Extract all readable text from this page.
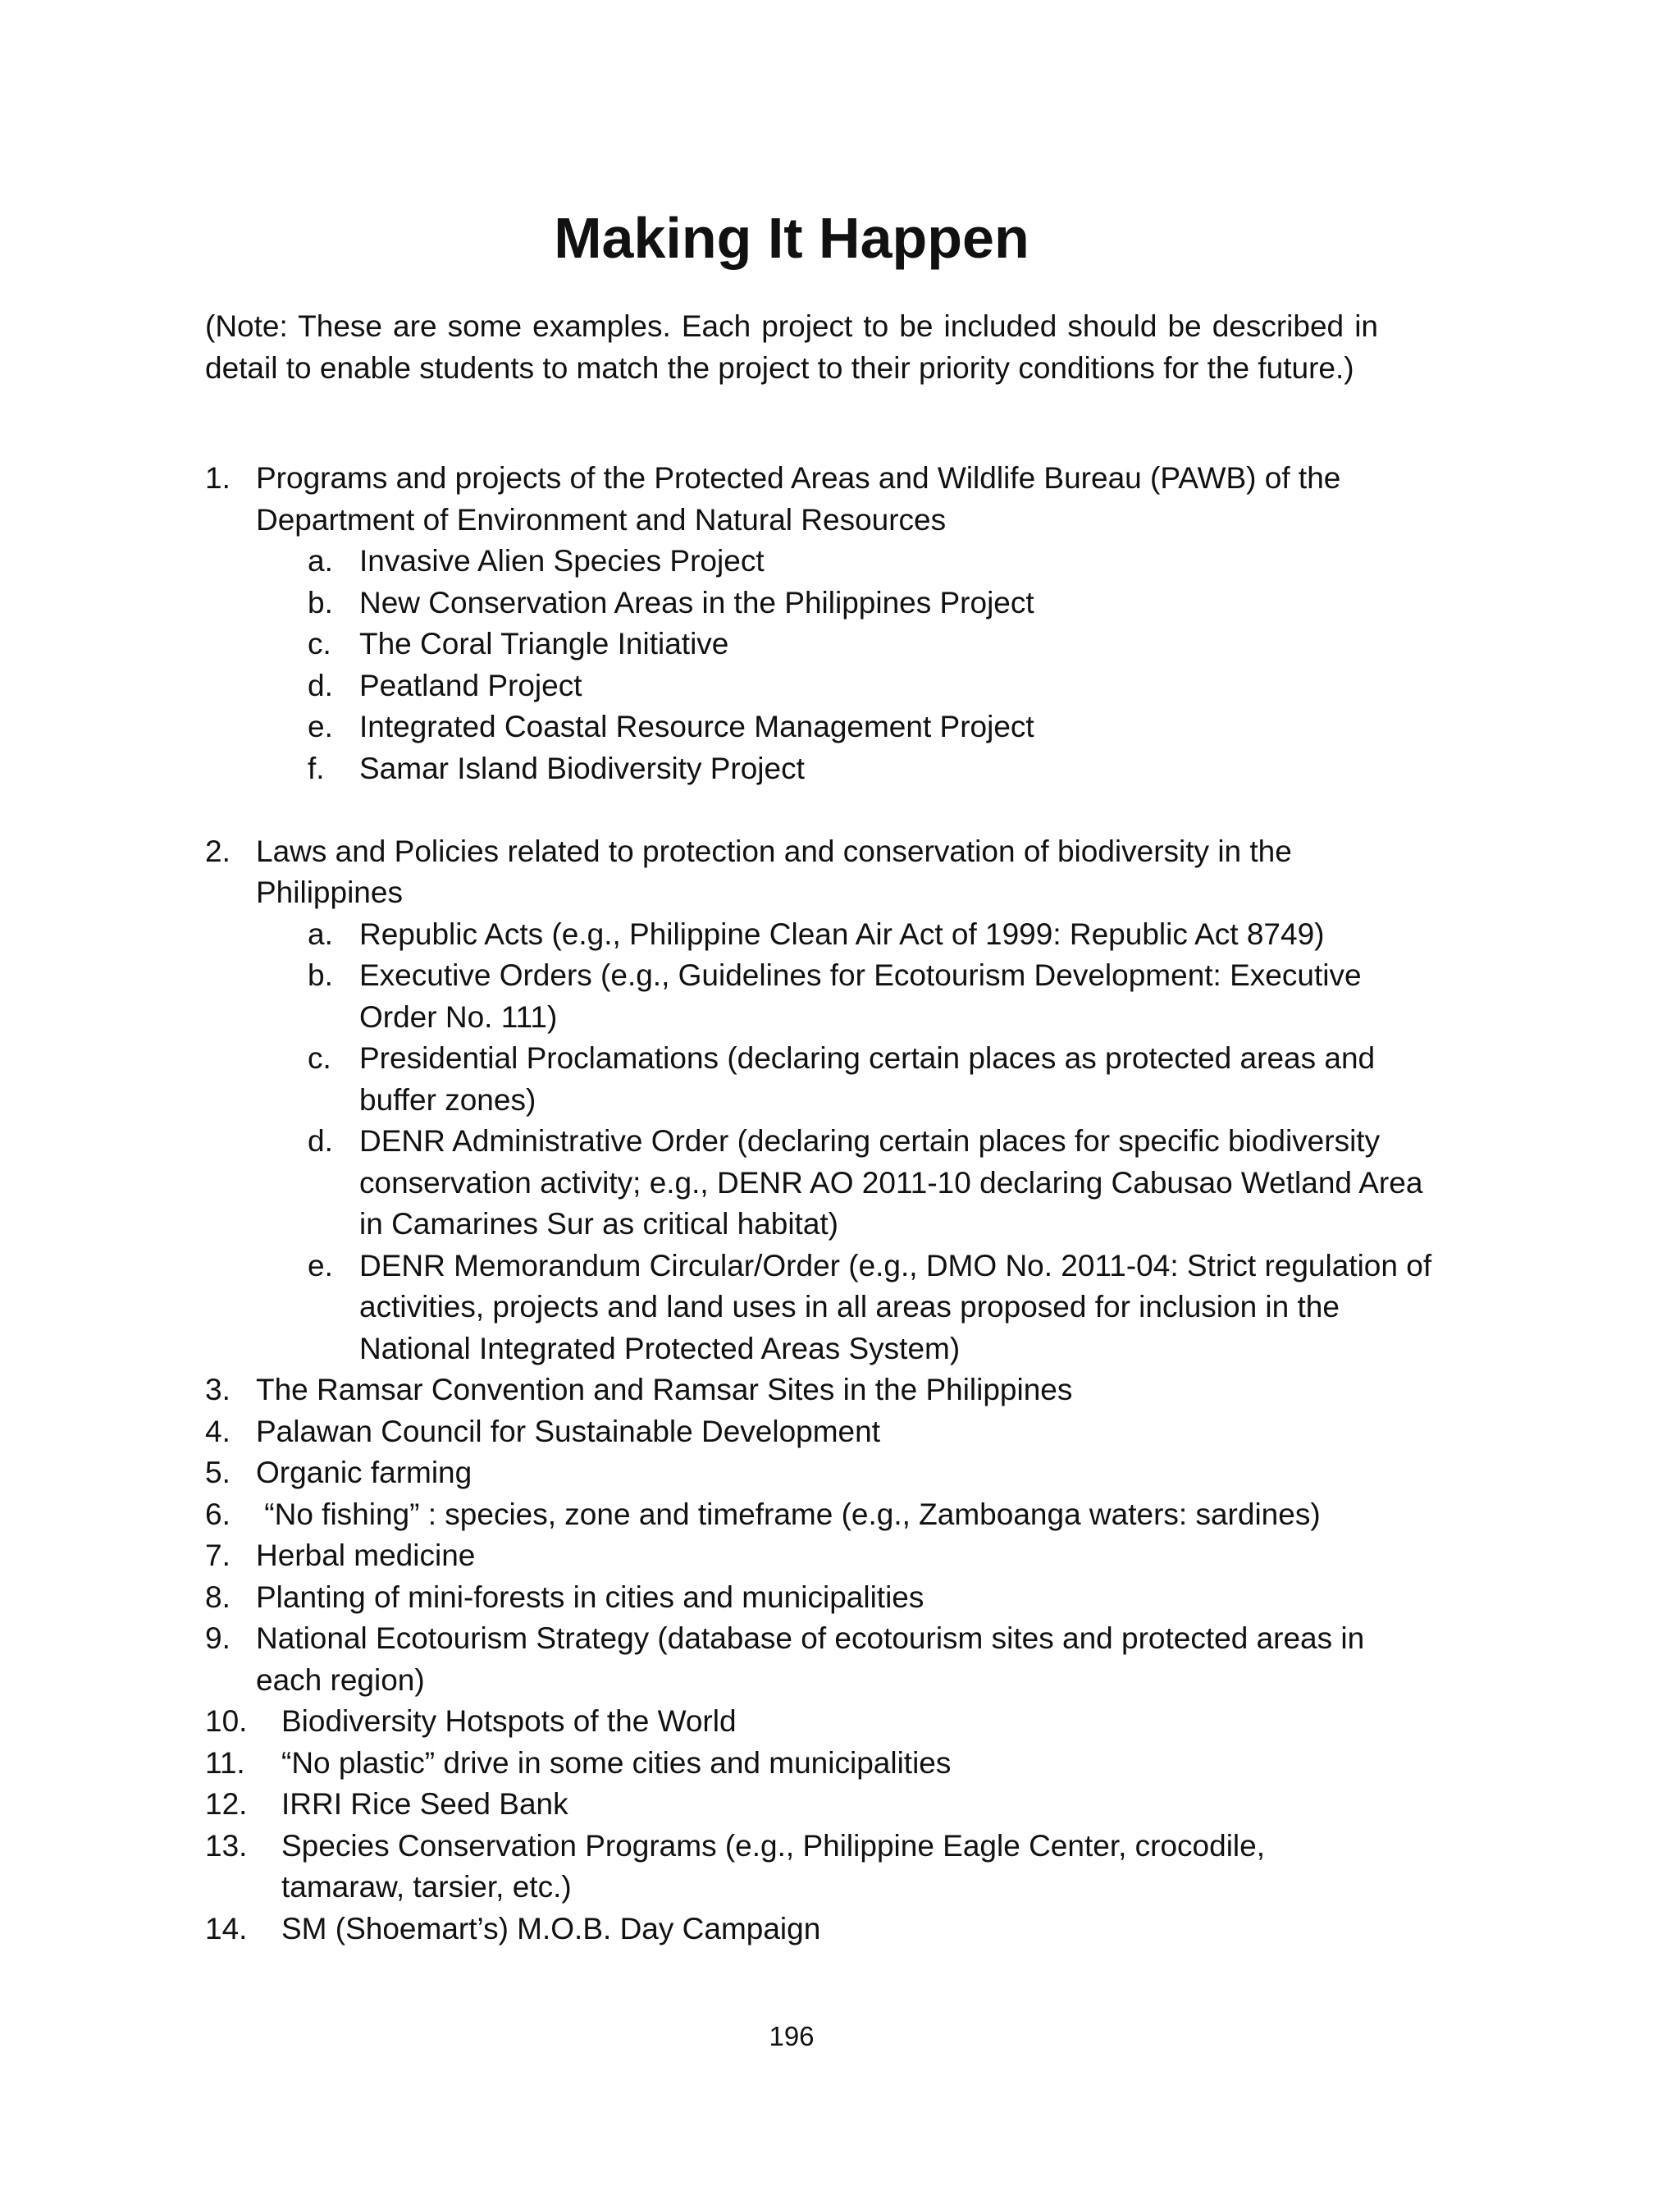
Making It Happen

(Note: These are some examples. Each project to be included should be described in detail to enable students to match the project to their priority conditions for the future.)

1. Programs and projects of the Protected Areas and Wildlife Bureau (PAWB) of the Department of Environment and Natural Resources
a. Invasive Alien Species Project
b. New Conservation Areas in the Philippines Project
c. The Coral Triangle Initiative
d. Peatland Project
e. Integrated Coastal Resource Management Project
f. Samar Island Biodiversity Project
2. Laws and Policies related to protection and conservation of biodiversity in the Philippines
a. Republic Acts (e.g., Philippine Clean Air Act of 1999: Republic Act 8749)
b. Executive Orders (e.g., Guidelines for Ecotourism Development: Executive Order No. 111)
c. Presidential Proclamations (declaring certain places as protected areas and buffer zones)
d. DENR Administrative Order (declaring certain places for specific biodiversity conservation activity; e.g., DENR AO 2011-10 declaring Cabusao Wetland Area in Camarines Sur as critical habitat)
e. DENR Memorandum Circular/Order (e.g., DMO No. 2011-04: Strict regulation of activities, projects and land uses in all areas proposed for inclusion in the National Integrated Protected Areas System)
3. The Ramsar Convention and Ramsar Sites in the Philippines
4. Palawan Council for Sustainable Development
5. Organic farming
6. “No fishing” : species, zone and timeframe (e.g., Zamboanga waters: sardines)
7. Herbal medicine
8. Planting of mini-forests in cities and municipalities
9. National Ecotourism Strategy (database of ecotourism sites and protected areas in each region)
10. Biodiversity Hotspots of the World
11. “No plastic” drive in some cities and municipalities
12. IRRI Rice Seed Bank
13. Species Conservation Programs (e.g., Philippine Eagle Center, crocodile, tamaraw, tarsier, etc.)
14. SM (Shoemart’s) M.O.B. Day Campaign
196
